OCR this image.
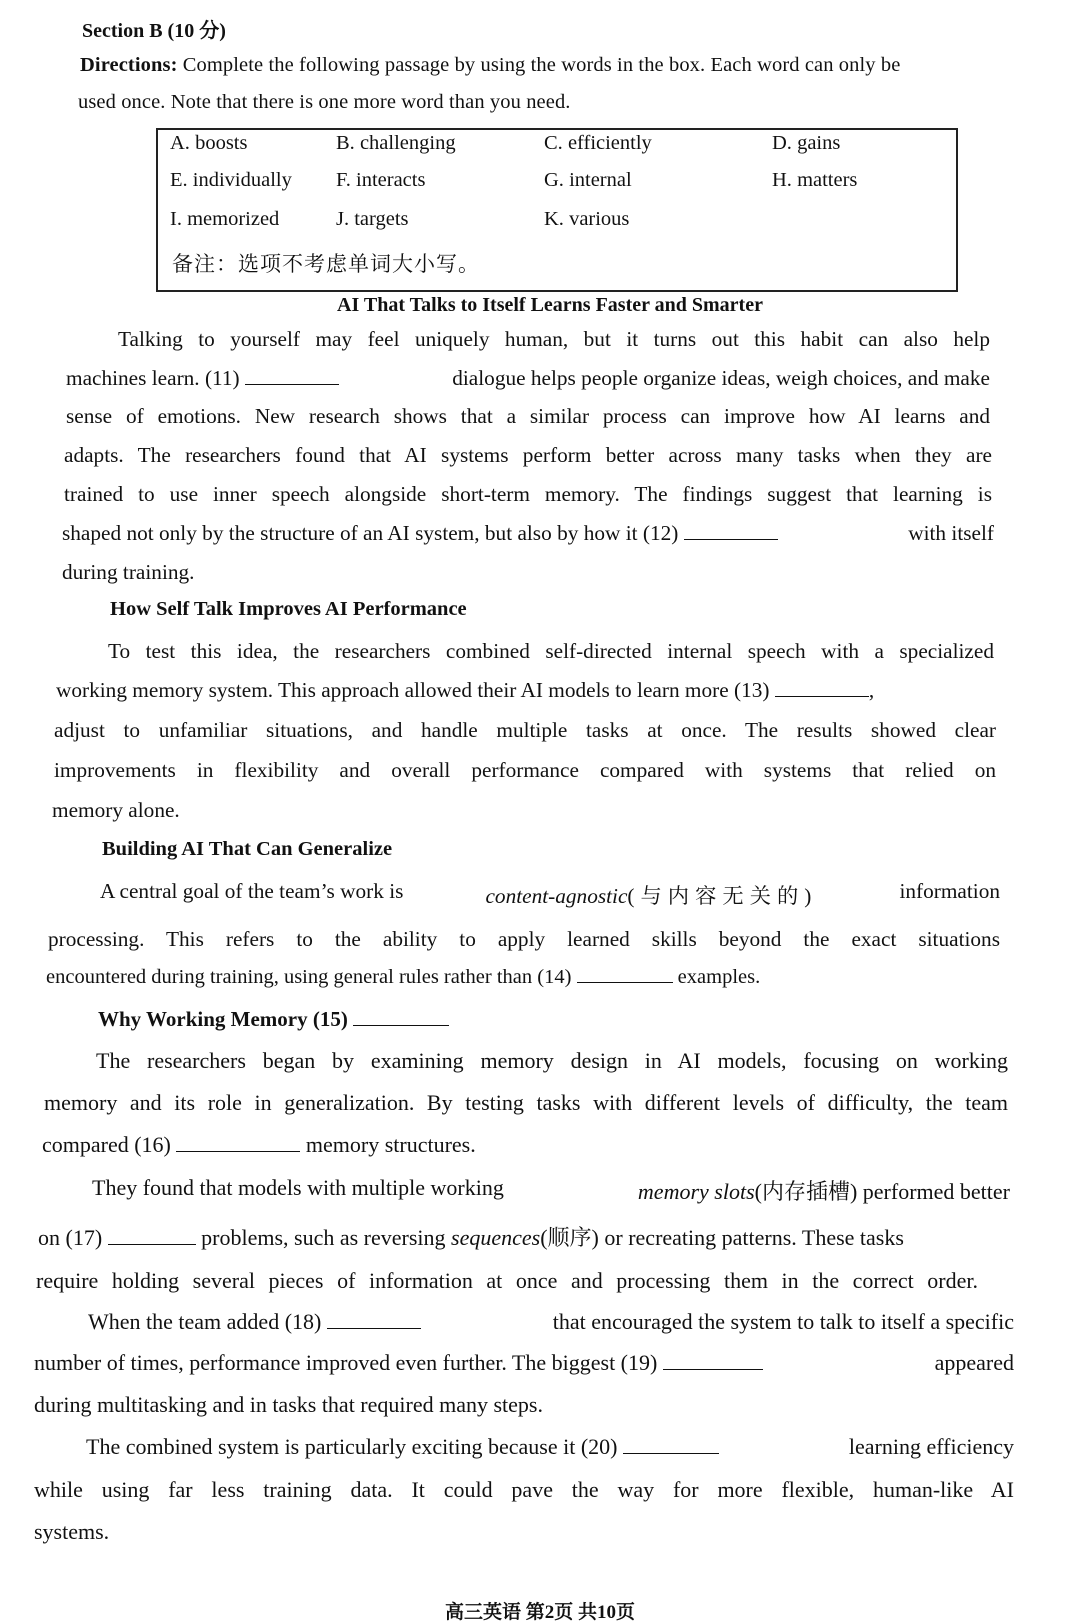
Section B (10 分)
Directions: Complete the following passage by using the words in the box. Each word can only be
used once. Note that there is one more word than you need.
A. boosts	B. challenging	C. efficiently	D. gains
E. individually F. interacts	G. internal	H. matters
I. memorized	J. targets	K. various
备注：选项不考虑单词大小写。
AI That Talks to Itself Learns Faster and Smarter
Talking to yourself may feel uniquely human, but it turns out this habit can also help
machines learn. (11)	dialogue helps people organize ideas, weigh choices, and make
sense of emotions. New research shows that a similar process can improve how AI learns and
adapts. The researchers found that AI systems perform better across many tasks when they are
trained to use inner speech alongside short-term memory. The findings suggest that learning is
shaped not only by the structure of an AI system, but also by how it (12)	with itself
during training.
How Self Talk Improves AI Performance
To test this idea, the researchers combined self-directed internal speech with a specialized
working memory system. This approach allowed their AI models to learn more (13)	,
adjust to unfamiliar situations, and handle multiple tasks at once. The results showed clear
improvements in flexibility and overall performance compared with systems that relied on
memory alone.
Building AI That Can Generalize
A central goal of the team’s work is	content-agnostic(与内容无关的)	information
processing. This refers to the ability to apply learned skills beyond the exact situations
encountered during training, using general rules rather than (14)	examples.
Why Working Memory (15)
The researchers began by examining memory design in AI models, focusing on working
memory and its role in generalization. By testing tasks with different levels of difficulty, the team
compared (16)	memory structures.
They found that models with multiple working	memory slots(内存插槽) performed better
on (17)	problems, such as reversing sequences(顺序) or recreating patterns. These tasks
require holding several pieces of information at once and processing them in the correct order.
When the team added (18)	that encouraged the system to talk to itself a specific
number of times, performance improved even further. The biggest (19)	appeared
during multitasking and in tasks that required many steps.
The combined system is particularly exciting because it (20)	learning efficiency
while using far less training data. It could pave the way for more flexible, human-like AI
systems.
高三英语 第2页 共10页
